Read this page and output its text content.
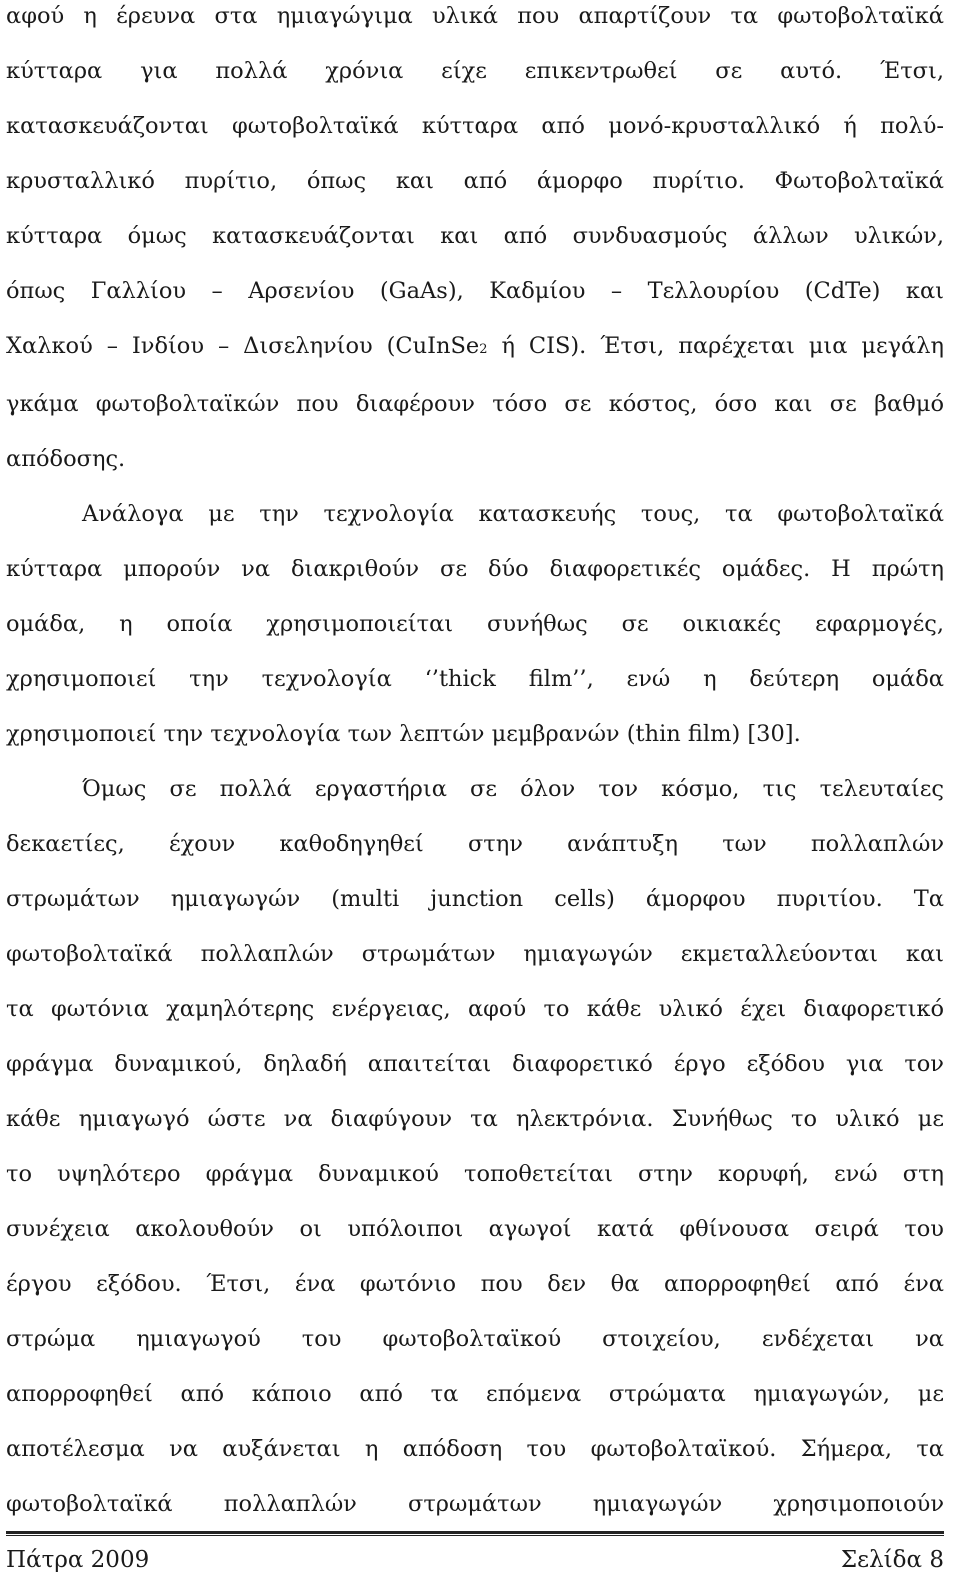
αφού η έρευνα στα ημιαγώγιμα υλικά που απαρτίζουν τα φωτοβολταϊκά
κύτταρα για πολλά χρόνια είχε επικεντρωθεί σε αυτό. Έτσι,
κατασκευάζονται φωτοβολταϊκά κύτταρα από μονό-κρυσταλλικό ή πολύ-
κρυσταλλικό πυρίτιο, όπως και από άμορφο πυρίτιο. Φωτοβολταϊκά
κύτταρα όμως κατασκευάζονται και από συνδυασμούς άλλων υλικών,
όπως Γαλλίου – Αρσενίου (GaAs), Καδμίου – Τελλουρίου (CdTe) και
Χαλκού – Ινδίου – Δισεληνίου (CuInSe2 ή CIS). Έτσι, παρέχεται μια μεγάλη
γκάμα φωτοβολταϊκών που διαφέρουν τόσο σε κόστος, όσο και σε βαθμό
απόδοσης.

Ανάλογα με την τεχνολογία κατασκευής τους, τα φωτοβολταϊκά
κύτταρα μπορούν να διακριθούν σε δύο διαφορετικές ομάδες. Η πρώτη
ομάδα, η οποία χρησιμοποιείται συνήθως σε οικιακές εφαρμογές,
χρησιμοποιεί την τεχνολογία ‘’thick film’’, ενώ η δεύτερη ομάδα
χρησιμοποιεί την τεχνολογία των λεπτών μεμβρανών (thin film) [30].

Όμως σε πολλά εργαστήρια σε όλον τον κόσμο, τις τελευταίες
δεκαετίες, έχουν καθοδηγηθεί στην ανάπτυξη των πολλαπλών
στρωμάτων ημιαγωγών (multi junction cells) άμορφου πυριτίου. Τα
φωτοβολταϊκά πολλαπλών στρωμάτων ημιαγωγών εκμεταλλεύονται και
τα φωτόνια χαμηλότερης ενέργειας, αφού το κάθε υλικό έχει διαφορετικό
φράγμα δυναμικού, δηλαδή απαιτείται διαφορετικό έργο εξόδου για τον
κάθε ημιαγωγό ώστε να διαφύγουν τα ηλεκτρόνια. Συνήθως το υλικό με
το υψηλότερο φράγμα δυναμικού τοποθετείται στην κορυφή, ενώ στη
συνέχεια ακολουθούν οι υπόλοιποι αγωγοί κατά φθίνουσα σειρά του
έργου εξόδου. Έτσι, ένα φωτόνιο που δεν θα απορροφηθεί από ένα
στρώμα ημιαγωγού του φωτοβολταϊκού στοιχείου, ενδέχεται να
απορροφηθεί από κάποιο από τα επόμενα στρώματα ημιαγωγών, με
αποτέλεσμα να αυξάνεται η απόδοση του φωτοβολταϊκού. Σήμερα, τα
φωτοβολταϊκά πολλαπλών στρωμάτων ημιαγωγών χρησιμοποιούν

Πάτρα 2009	Σελίδα 8
